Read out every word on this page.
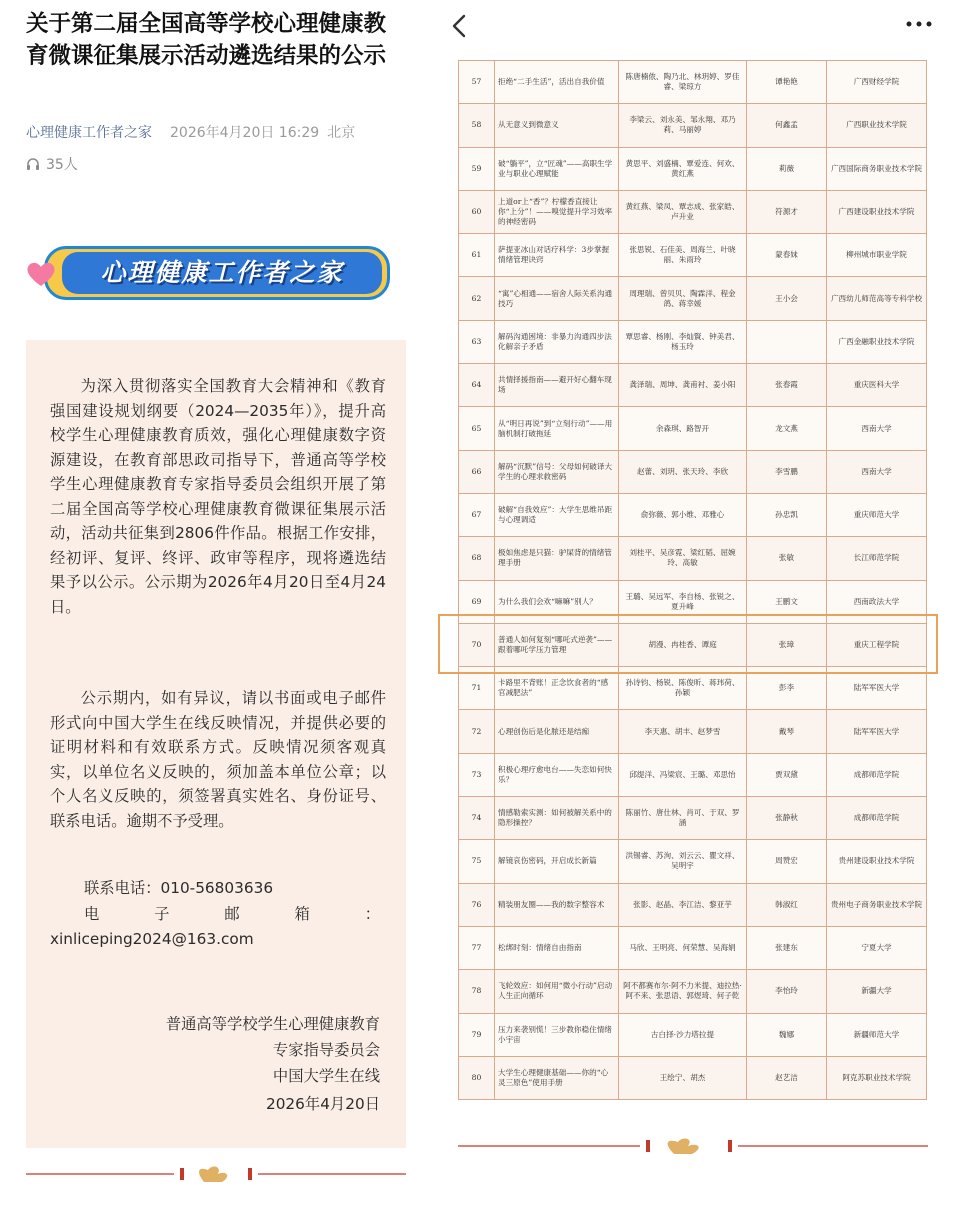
关于第二届全国高等学校心理健康教育微课征集展示活动遴选结果的公示
心理健康工作者之家 2026年4月20日 16:29 北京
35人
心理健康工作者之家
为深入贯彻落实全国教育大会精神和《教育强国建设规划纲要（2024—2035年）》，提升高校学生心理健康教育质效，强化心理健康数字资源建设，在教育部思政司指导下，普通高等学校学生心理健康教育专家指导委员会组织开展了第二届全国高等学校心理健康教育微课征集展示活动，活动共征集到2806件作品。根据工作安排，经初评、复评、终评、政审等程序，现将遴选结果予以公示。公示期为2026年4月20日至4月24日。
公示期内，如有异议，请以书面或电子邮件形式向中国大学生在线反映情况，并提供必要的证明材料和有效联系方式。反映情况须客观真实，以单位名义反映的，须加盖本单位公章；以个人名义反映的，须签署真实姓名、身份证号、联系电话。逾期不予受理。
联系电话：010-56803636
电子邮箱：
xinliceping2024@163.com
普通高等学校学生心理健康教育
专家指导委员会
中国大学生在线
2026年4月20日
57	拒绝“二手生活”，活出自我价值	陈唐楠侬、陶乃北、林玥婷、罗佳睿、梁琼方	谭艳艳	广西财经学院
58	从无意义到微意义	李梁云、刘永美、邹永翔、邓乃莉、马丽婷	何鑫孟	广西职业技术学院
59	破“躺平”，立“匠魂”——高职生学业与职业心理赋能	黄思平、刘盛楠、覃爱连、何欢、黄红燕	莉薇	广西国际商务职业技术学院
60	上道or上“香”？柠檬香直接让你“上分”！——嗅觉提升学习效率的神经密码	黄红燕、梁凤、覃志成、张家皓、卢升业	符源才	广西建设职业技术学院
61	萨提亚冰山对话疗科学：3步掌握情绪管理诀窍	张思锐、石佳美、周海兰、叶晓丽、朱雨玲	蒙春妹	柳州城市职业学院
62	“寓”心相通——宿舍人际关系沟通技巧	周理瑞、曾贝贝、陶霖洋、程金鸽、蒋幸媛	王小会	广西幼儿师范高等专科学校
63	解码沟通困境：非暴力沟通四步法化解亲子矛盾	覃思睿、杨刚、李灿賢、钟美君、杨玉玲		广西金融职业技术学院
64	共情择援指南——避开好心翻车现场	龚泽瑞、周坤、龚甫衬、姜小阳	张春霞	重庆医科大学
65	从“明日再说”到“立刻行动”——用脑机制打破拖延	余森琪、路智开	龙文燕	西南大学
66	解码“沉默”信号：父母如何破译大学生的心理求救密码	赵蕾、刘玥、张天玲、李欣	李雪鹏	西南大学
67	破解“自我效应”：大学生思维吊距与心理调适	俞弥薇、郭小维、邓雅心	孙忠凯	重庆师范大学
68	极如焦虑是只猫：驴屎背的情绪管理手册	刘桂平、吴彦霓、梁红韬、屈婉玲、高敏	张敏	长江师范学院
69	为什么我们会欢“嘛嘛”别人？	王璐、吴远军、李自杨、张锐之、夏升峰	王鹏文	西南政法大学
70	普通人如何复刻“哪吒式逆袭”——跟着哪吒学压力管理	胡漫、冉桂香、谭庭	张璋	重庆工程学院
71	卡路里不背账！正念饮食者的“感官减肥法”	孙诗钧、杨锐、陈俊昕、蒋玮荷、孙颖	彭李	陆军军医大学
72	心理创伤后是化脓还是结痂	李天惠、胡丰、赵梦雪	戴琴	陆军军医大学
73	积极心理疗愈电台——失恋如何快乐？	邱缇洋、冯梁宸、王璐、邓思怡	贾双黛	成都师范学院
74	情感勒索实测：如何被解关系中的隐形操控？	陈丽竹、唐仕林、肖可、于双、罗涵	张静秋	成都师范学院
75	解镜哀伤密码，开启成长新篇	洪锡睿、苏洵、刘云云、瞿文祥、吴明宇	周赞宏	贵州建设职业技术学院
76	精装朋友圈——我的数字整容术	张影、赵晶、李江洁、黎亚芋	韩淑红	贵州电子商务职业技术学院
77	松绑时刻：情绪自由指南	马欣、王明亮、何荣慧、吴海娟	张建东	宁夏大学
78	飞轮效应：如何用“微小行动”启动人生正向循环	阿不都赛布尔·阿不力米提、迪拉热·阿不来、张思语、郭煜琦、何子乾	李怡玲	新疆大学
79	压力来袭别慌！三步教你稳住情绪小宇宙	古白择·沙力塔拉提	魏娜	新疆师范大学
80	大学生心理健康基础——你的“心灵三原色”使用手册	王绘宁、胡杰	赵艺洁	阿克苏职业技术学院
